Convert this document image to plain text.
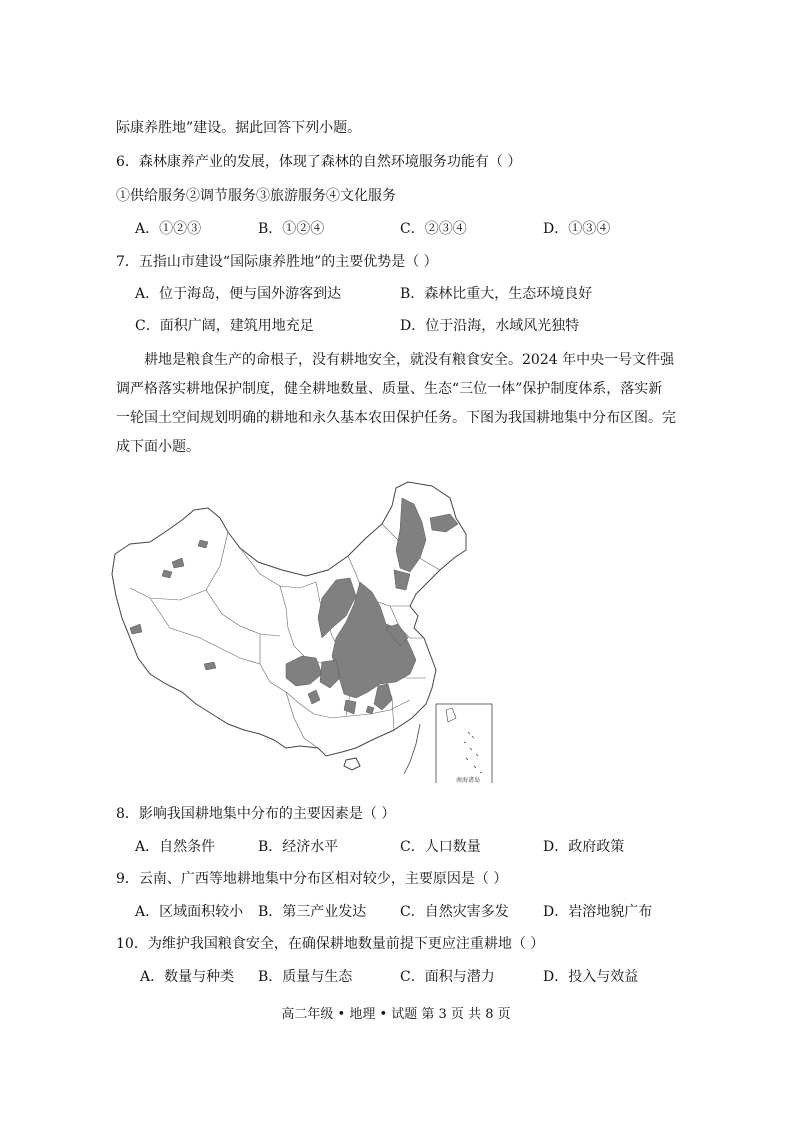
际康养胜地”建设。据此回答下列小题。
6．森林康养产业的发展，体现了森林的自然环境服务功能有（ ）
①供给服务②调节服务③旅游服务④文化服务
A．①②③	B．①②④	C．②③④	D．①③④
7．五指山市建设“国际康养胜地”的主要优势是（ ）
A．位于海岛，便与国外游客到达	B．森林比重大，生态环境良好
C．面积广阔，建筑用地充足	D．位于沿海，水域风光独特
耕地是粮食生产的命根子，没有耕地安全，就没有粮食安全。2024 年中央一号文件强调严格落实耕地保护制度，健全耕地数量、质量、生态“三位一体”保护制度体系，落实新一轮国土空间规划明确的耕地和永久基本农田保护任务。下图为我国耕地集中分布区图。完成下面小题。
南海诸岛
8．影响我国耕地集中分布的主要因素是（ ）
A．自然条件	B．经济水平	C．人口数量	D．政府政策
9．云南、广西等地耕地集中分布区相对较少，主要原因是（ ）
A．区域面积较小 B．第三产业发达 C．自然灾害多发 D．岩溶地貌广布
10．为维护我国粮食安全，在确保耕地数量前提下更应注重耕地（ ）
A．数量与种类 B．质量与生态	C．面积与潜力	D．投入与效益
高二年级 • 地理 • 试题 第 3 页 共 8 页
